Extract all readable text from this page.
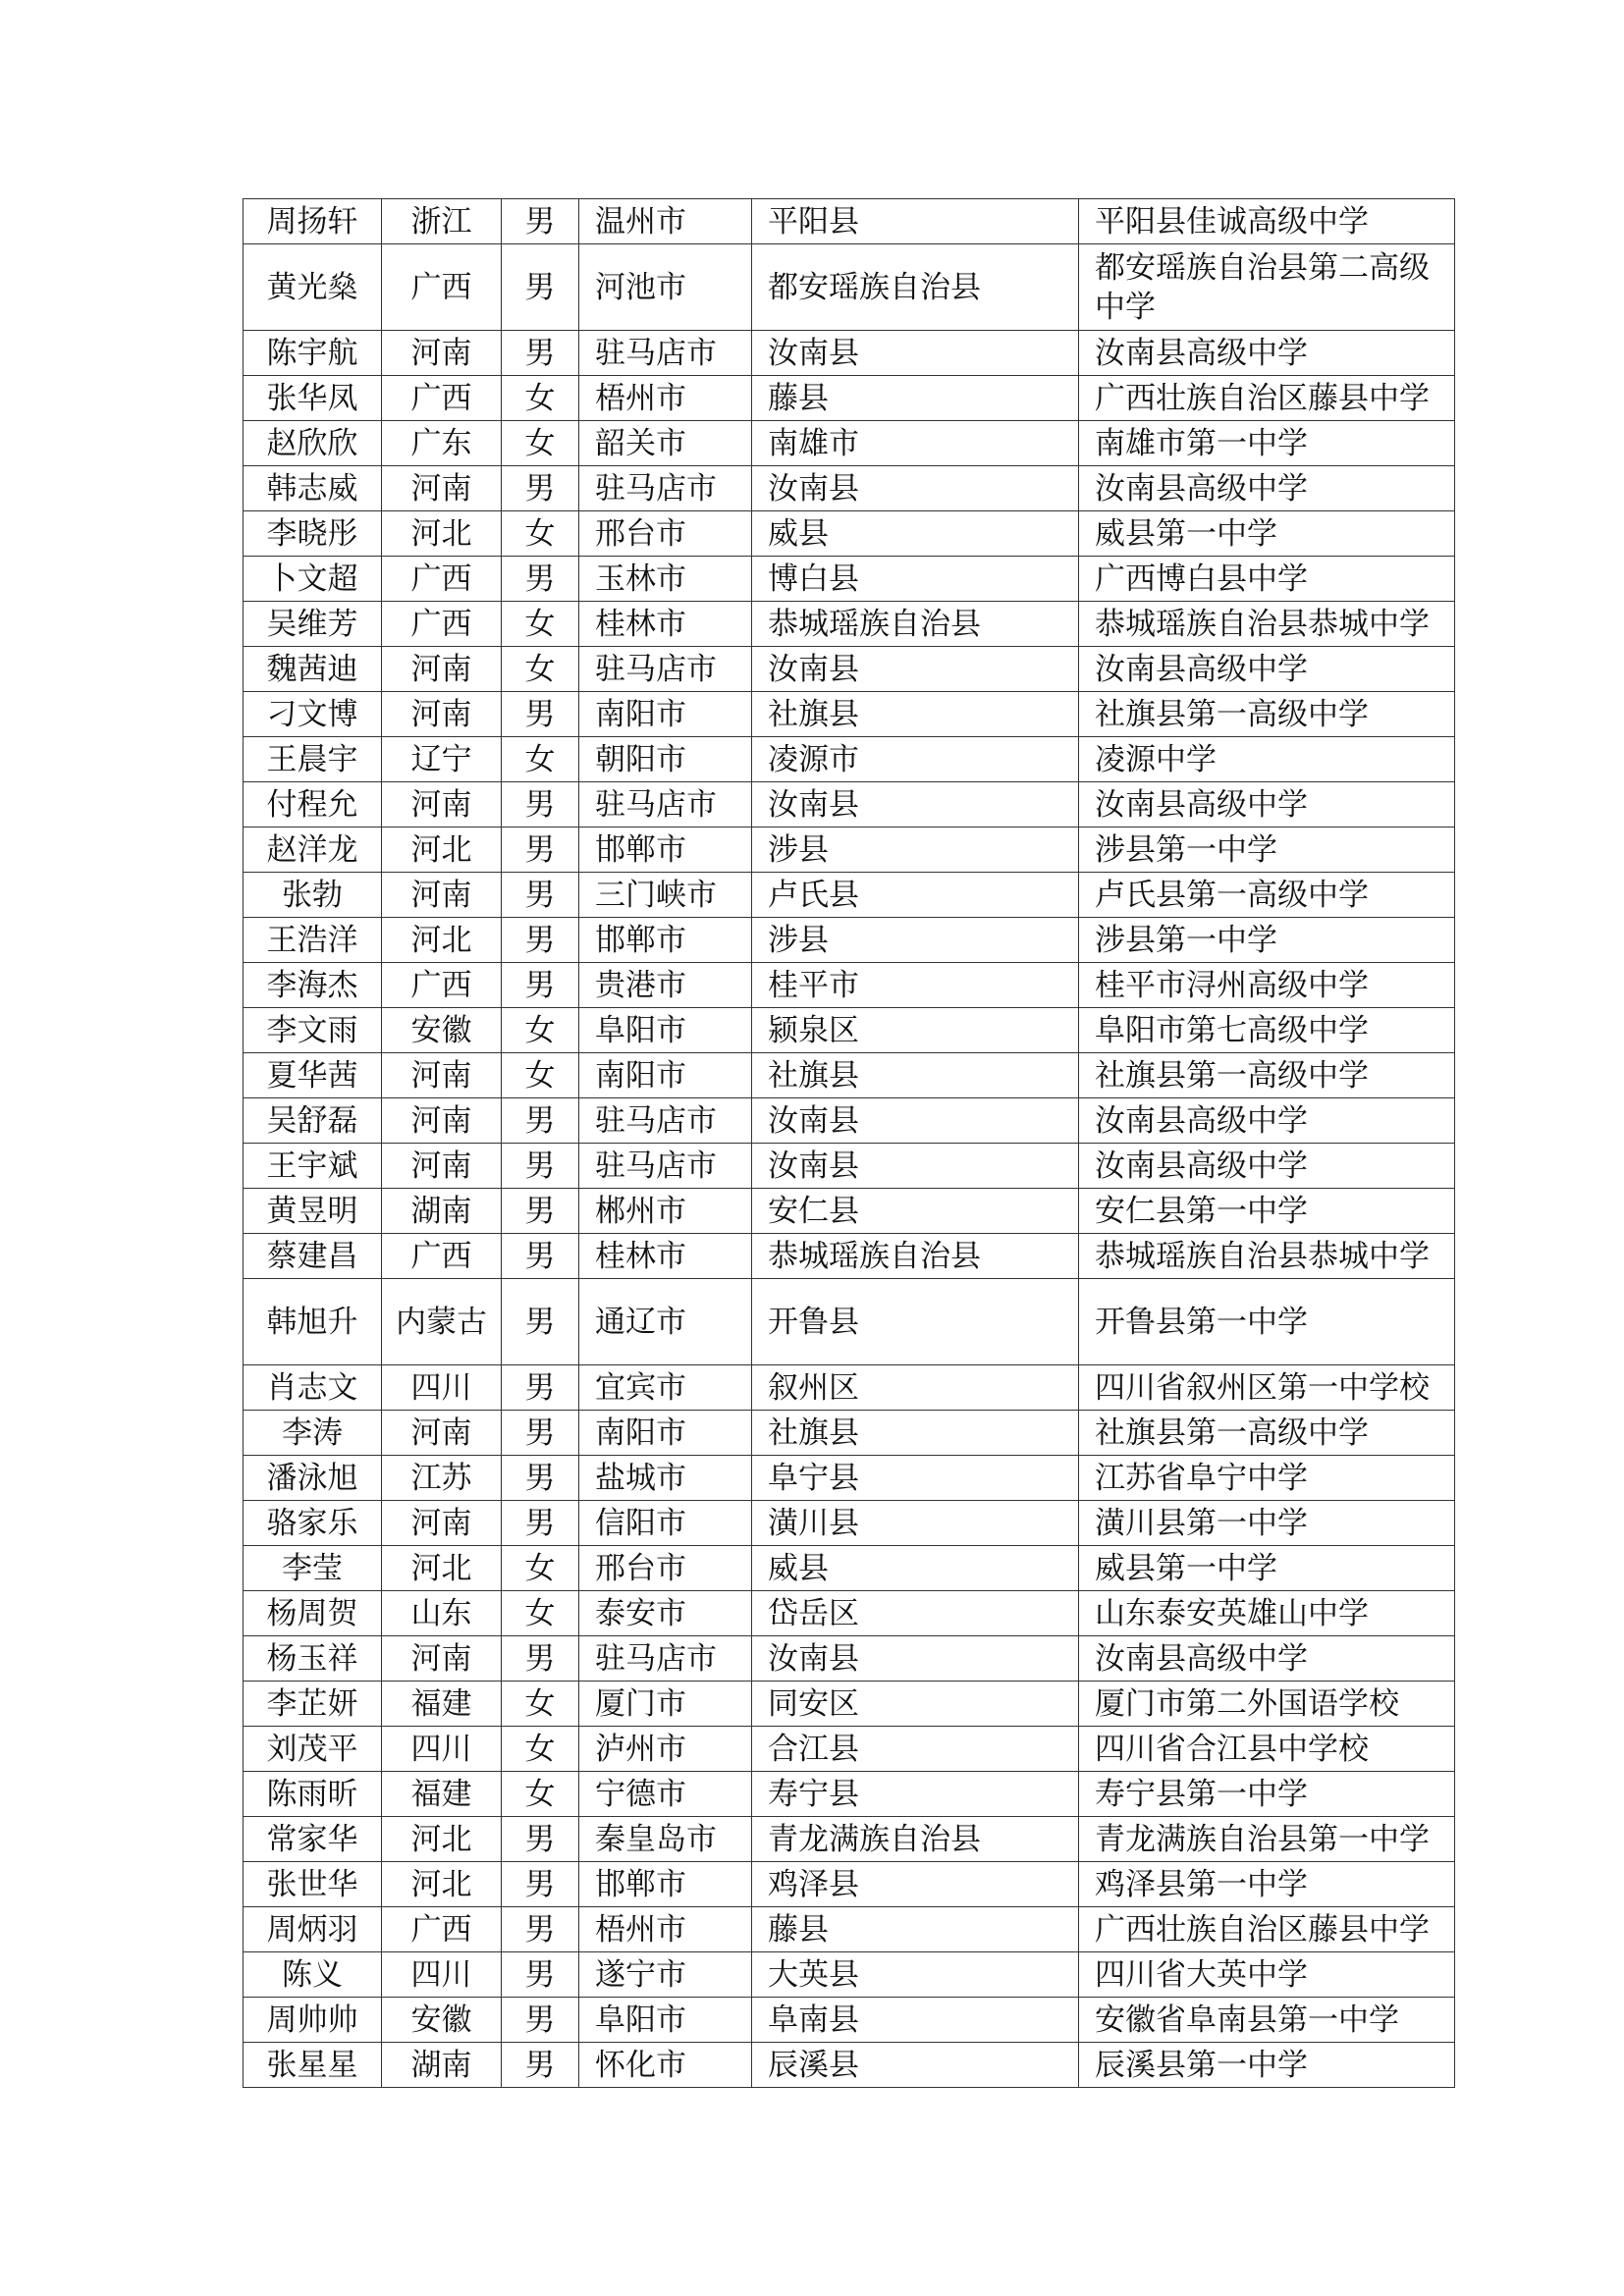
周扬轩	浙江	男	温州市	平阳县	平阳县佳诚高级中学
黄光燊	广西	男	河池市	都安瑶族自治县	都安瑶族自治县第二高级中学
陈宇航	河南	男	驻马店市	汝南县	汝南县高级中学
张华凤	广西	女	梧州市	藤县	广西壮族自治区藤县中学
赵欣欣	广东	女	韶关市	南雄市	南雄市第一中学
韩志威	河南	男	驻马店市	汝南县	汝南县高级中学
李晓彤	河北	女	邢台市	威县	威县第一中学
卜文超	广西	男	玉林市	博白县	广西博白县中学
吴维芳	广西	女	桂林市	恭城瑶族自治县	恭城瑶族自治县恭城中学
魏茜迪	河南	女	驻马店市	汝南县	汝南县高级中学
刁文博	河南	男	南阳市	社旗县	社旗县第一高级中学
王晨宇	辽宁	女	朝阳市	凌源市	凌源中学
付程允	河南	男	驻马店市	汝南县	汝南县高级中学
赵洋龙	河北	男	邯郸市	涉县	涉县第一中学
张勃	河南	男	三门峡市	卢氏县	卢氏县第一高级中学
王浩洋	河北	男	邯郸市	涉县	涉县第一中学
李海杰	广西	男	贵港市	桂平市	桂平市浔州高级中学
李文雨	安徽	女	阜阳市	颍泉区	阜阳市第七高级中学
夏华茜	河南	女	南阳市	社旗县	社旗县第一高级中学
吴舒磊	河南	男	驻马店市	汝南县	汝南县高级中学
王宇斌	河南	男	驻马店市	汝南县	汝南县高级中学
黄昱明	湖南	男	郴州市	安仁县	安仁县第一中学
蔡建昌	广西	男	桂林市	恭城瑶族自治县	恭城瑶族自治县恭城中学
韩旭升	内蒙古	男	通辽市	开鲁县	开鲁县第一中学
肖志文	四川	男	宜宾市	叙州区	四川省叙州区第一中学校
李涛	河南	男	南阳市	社旗县	社旗县第一高级中学
潘泳旭	江苏	男	盐城市	阜宁县	江苏省阜宁中学
骆家乐	河南	男	信阳市	潢川县	潢川县第一中学
李莹	河北	女	邢台市	威县	威县第一中学
杨周贺	山东	女	泰安市	岱岳区	山东泰安英雄山中学
杨玉祥	河南	男	驻马店市	汝南县	汝南县高级中学
李芷妍	福建	女	厦门市	同安区	厦门市第二外国语学校
刘茂平	四川	女	泸州市	合江县	四川省合江县中学校
陈雨昕	福建	女	宁德市	寿宁县	寿宁县第一中学
常家华	河北	男	秦皇岛市	青龙满族自治县	青龙满族自治县第一中学
张世华	河北	男	邯郸市	鸡泽县	鸡泽县第一中学
周炳羽	广西	男	梧州市	藤县	广西壮族自治区藤县中学
陈义	四川	男	遂宁市	大英县	四川省大英中学
周帅帅	安徽	男	阜阳市	阜南县	安徽省阜南县第一中学
张星星	湖南	男	怀化市	辰溪县	辰溪县第一中学
